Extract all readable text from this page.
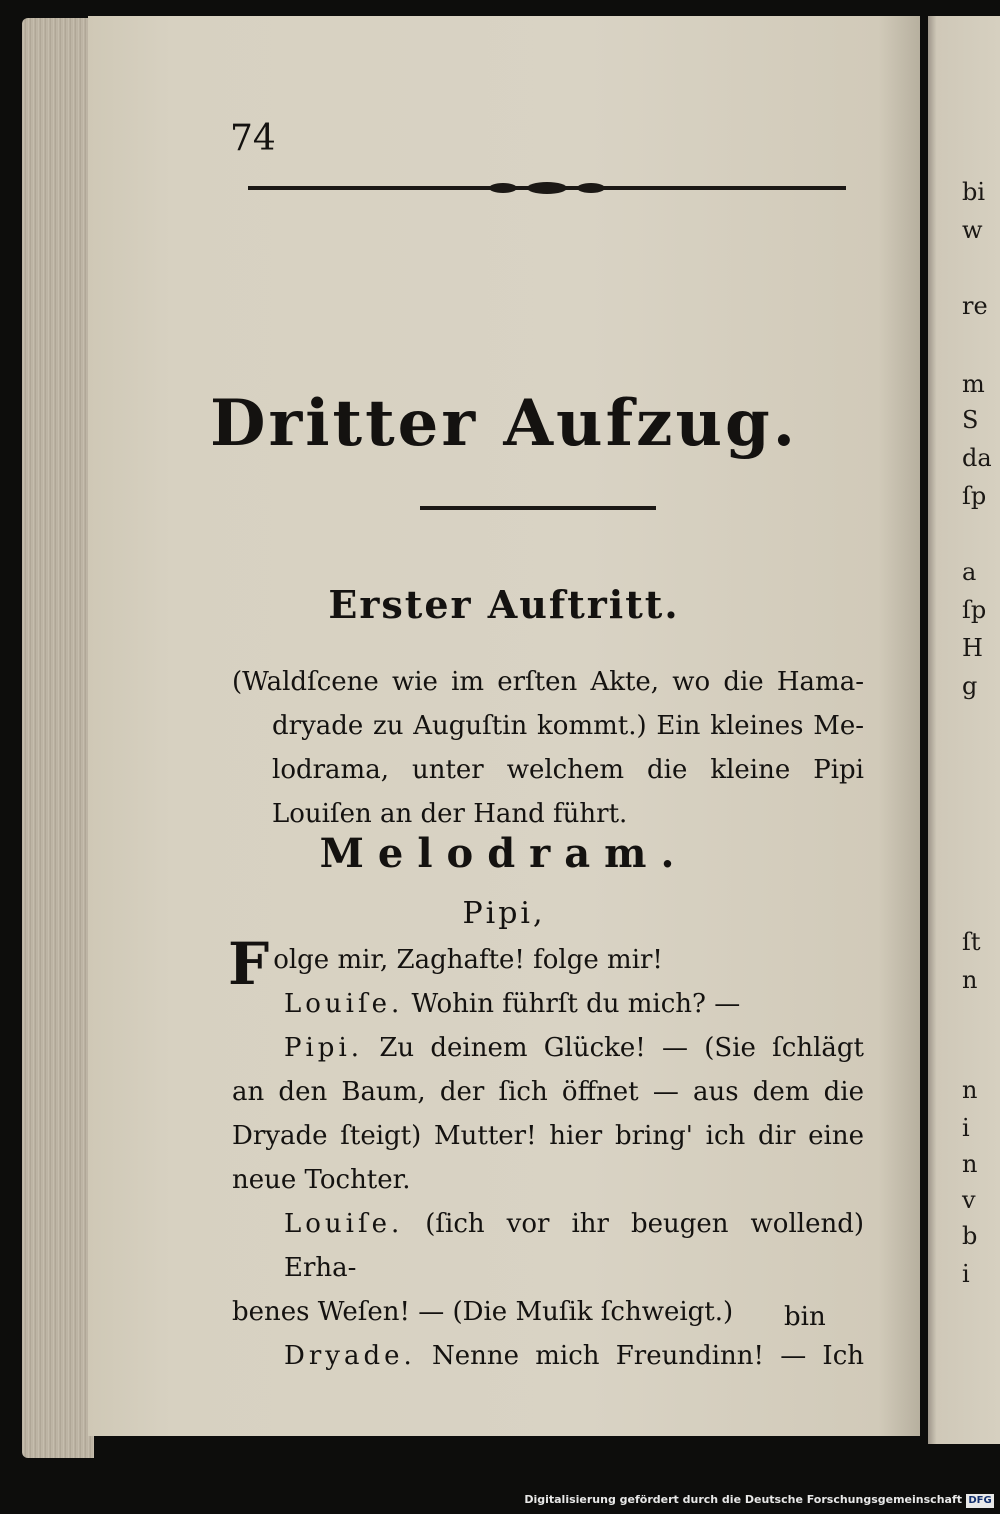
74
Dritter Aufzug.
Erster Auftritt.

(Waldſcene wie im erſten Akte, wo die Hama-

dryade zu Auguſtin kommt.) Ein kleines Me-

lodrama, unter welchem die kleine Pipi

Louiſen an der Hand führt.

Melodram.
Pipi,

Folge mir, Zaghafte! folge mir!

Louiſe. Wohin führſt du mich? —

Pipi. Zu deinem Glücke! — (Sie ſchlägt

an den Baum, der ſich öffnet — aus dem die

Dryade ſteigt) Mutter! hier bring' ich dir eine

neue Tochter.

Louiſe. (ſich vor ihr beugen wollend) Erha-

benes Weſen! — (Die Muſik ſchweigt.)

Dryade. Nenne mich Freundinn! — Ich

bin
bi
w
re
m
S
da
ſp
a
ſp
H
g
ſt
n
n
i
n
v
b
i
Digitalisierung gefördert durch die Deutsche Forschungsgemeinschaft DFG
